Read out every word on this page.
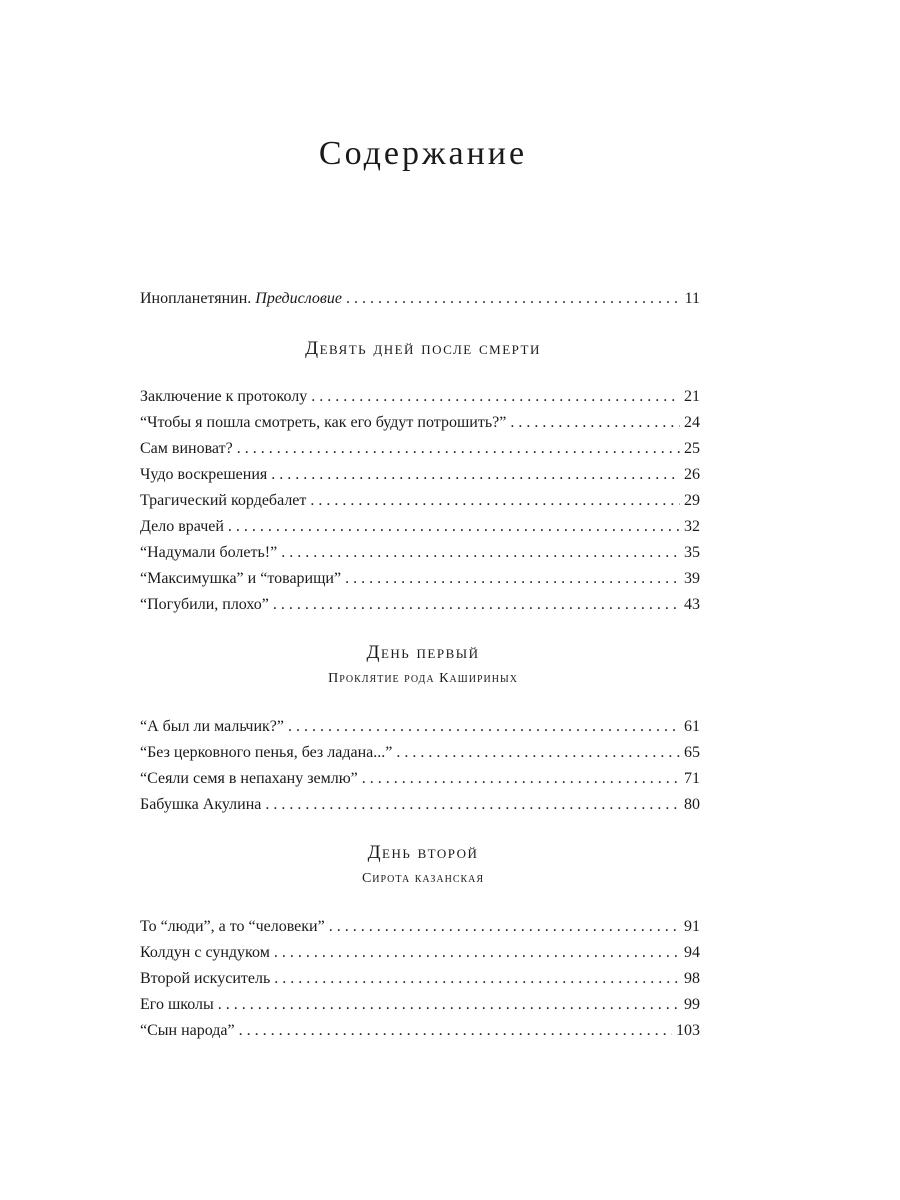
Содержание
Инопланетянин. Предисловие . . .	11
Девять дней после смерти
Заключение к протоколу . . .	21
“Чтобы я пошла смотреть, как его будут потрошить?” . . .	24
Сам виноват? . . .	25
Чудо воскрешения . . .	26
Трагический кордебалет . . .	29
Дело врачей . . .	32
“Надумали болеть!” . . .	35
“Максимушка” и “товарищи” . . .	39
“Погубили, плохо” . . .	43
День первый
Проклятие рода Кашириных
“А был ли мальчик?” . . .	61
“Без церковного пенья, без ладана...” . . .	65
“Сеяли семя в непахану землю” . . .	71
Бабушка Акулина . . .	80
День второй
Сирота казанская
То “люди”, а то “человеки” . . .	91
Колдун с сундуком . . .	94
Второй искуситель . . .	98
Его школы . . .	99
“Сын народа” . . .	103
